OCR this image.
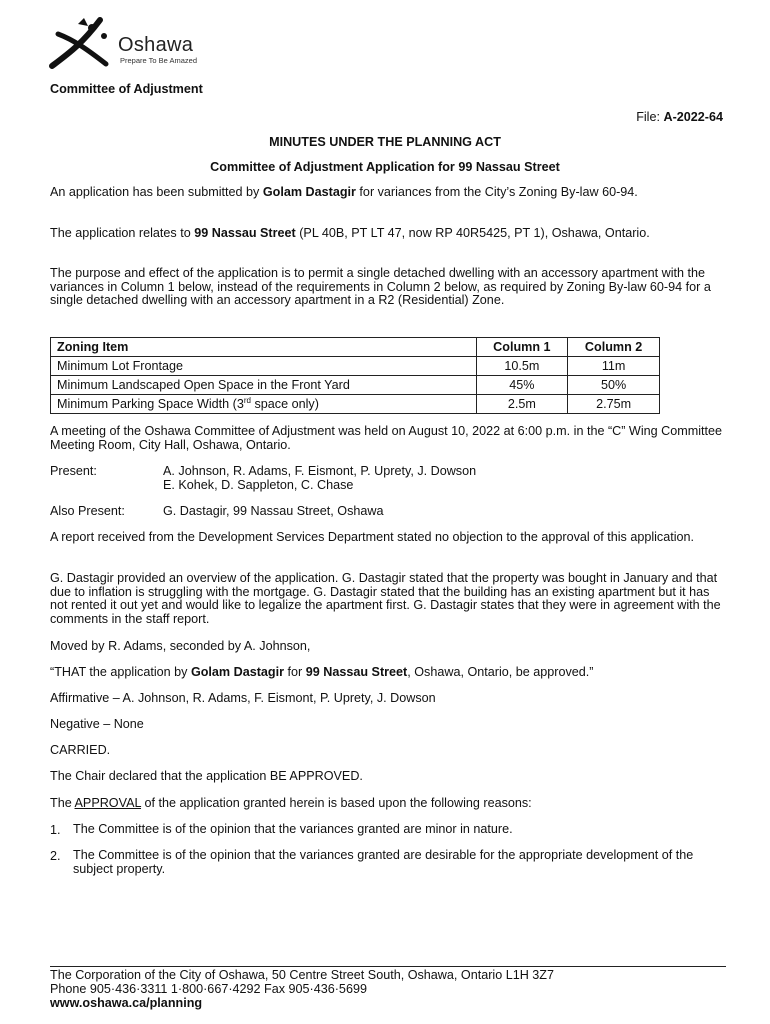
Oshawa
Prepare To Be Amazed
Committee of Adjustment
File: A-2022-64
MINUTES UNDER THE PLANNING ACT
Committee of Adjustment Application for 99 Nassau Street

An application has been submitted by Golam Dastagir for variances from the City’s Zoning By-law 60-94.

The application relates to 99 Nassau Street (PL 40B, PT LT 47, now RP 40R5425, PT 1), Oshawa, Ontario.

The purpose and effect of the application is to permit a single detached dwelling with an accessory apartment with the variances in Column 1 below, instead of the requirements in Column 2 below, as required by Zoning By-law 60-94 for a single detached dwelling with an accessory apartment in a R2 (Residential) Zone.

Zoning Item	Column 1	Column 2
Minimum Lot Frontage	10.5m	11m
Minimum Landscaped Open Space in the Front Yard	45%	50%
Minimum Parking Space Width (3rd space only)	2.5m	2.75m

A meeting of the Oshawa Committee of Adjustment was held on August 10, 2022 at 6:00 p.m. in the “C” Wing Committee Meeting Room, City Hall, Oshawa, Ontario.

Present:	A. Johnson, R. Adams, F. Eismont, P. Uprety, J. Dowson
E. Kohek, D. Sappleton, C. Chase
Also Present:	G. Dastagir, 99 Nassau Street, Oshawa

A report received from the Development Services Department stated no objection to the approval of this application.

G. Dastagir provided an overview of the application. G. Dastagir stated that the property was bought in January and that due to inflation is struggling with the mortgage. G. Dastagir stated that the building has an existing apartment but it has not rented it out yet and would like to legalize the apartment first. G. Dastagir states that they were in agreement with the comments in the staff report.

Moved by R. Adams, seconded by A. Johnson,

“THAT the application by Golam Dastagir for 99 Nassau Street, Oshawa, Ontario, be approved.”

Affirmative – A. Johnson, R. Adams, F. Eismont, P. Uprety, J. Dowson

Negative – None

CARRIED.

The Chair declared that the application BE APPROVED.

The APPROVAL of the application granted herein is based upon the following reasons:

1. The Committee is of the opinion that the variances granted are minor in nature.
2. The Committee is of the opinion that the variances granted are desirable for the appropriate development of the subject property.
The Corporation of the City of Oshawa, 50 Centre Street South, Oshawa, Ontario L1H 3Z7
Phone 905·436·3311 1·800·667·4292 Fax 905·436·5699
www.oshawa.ca/planning
